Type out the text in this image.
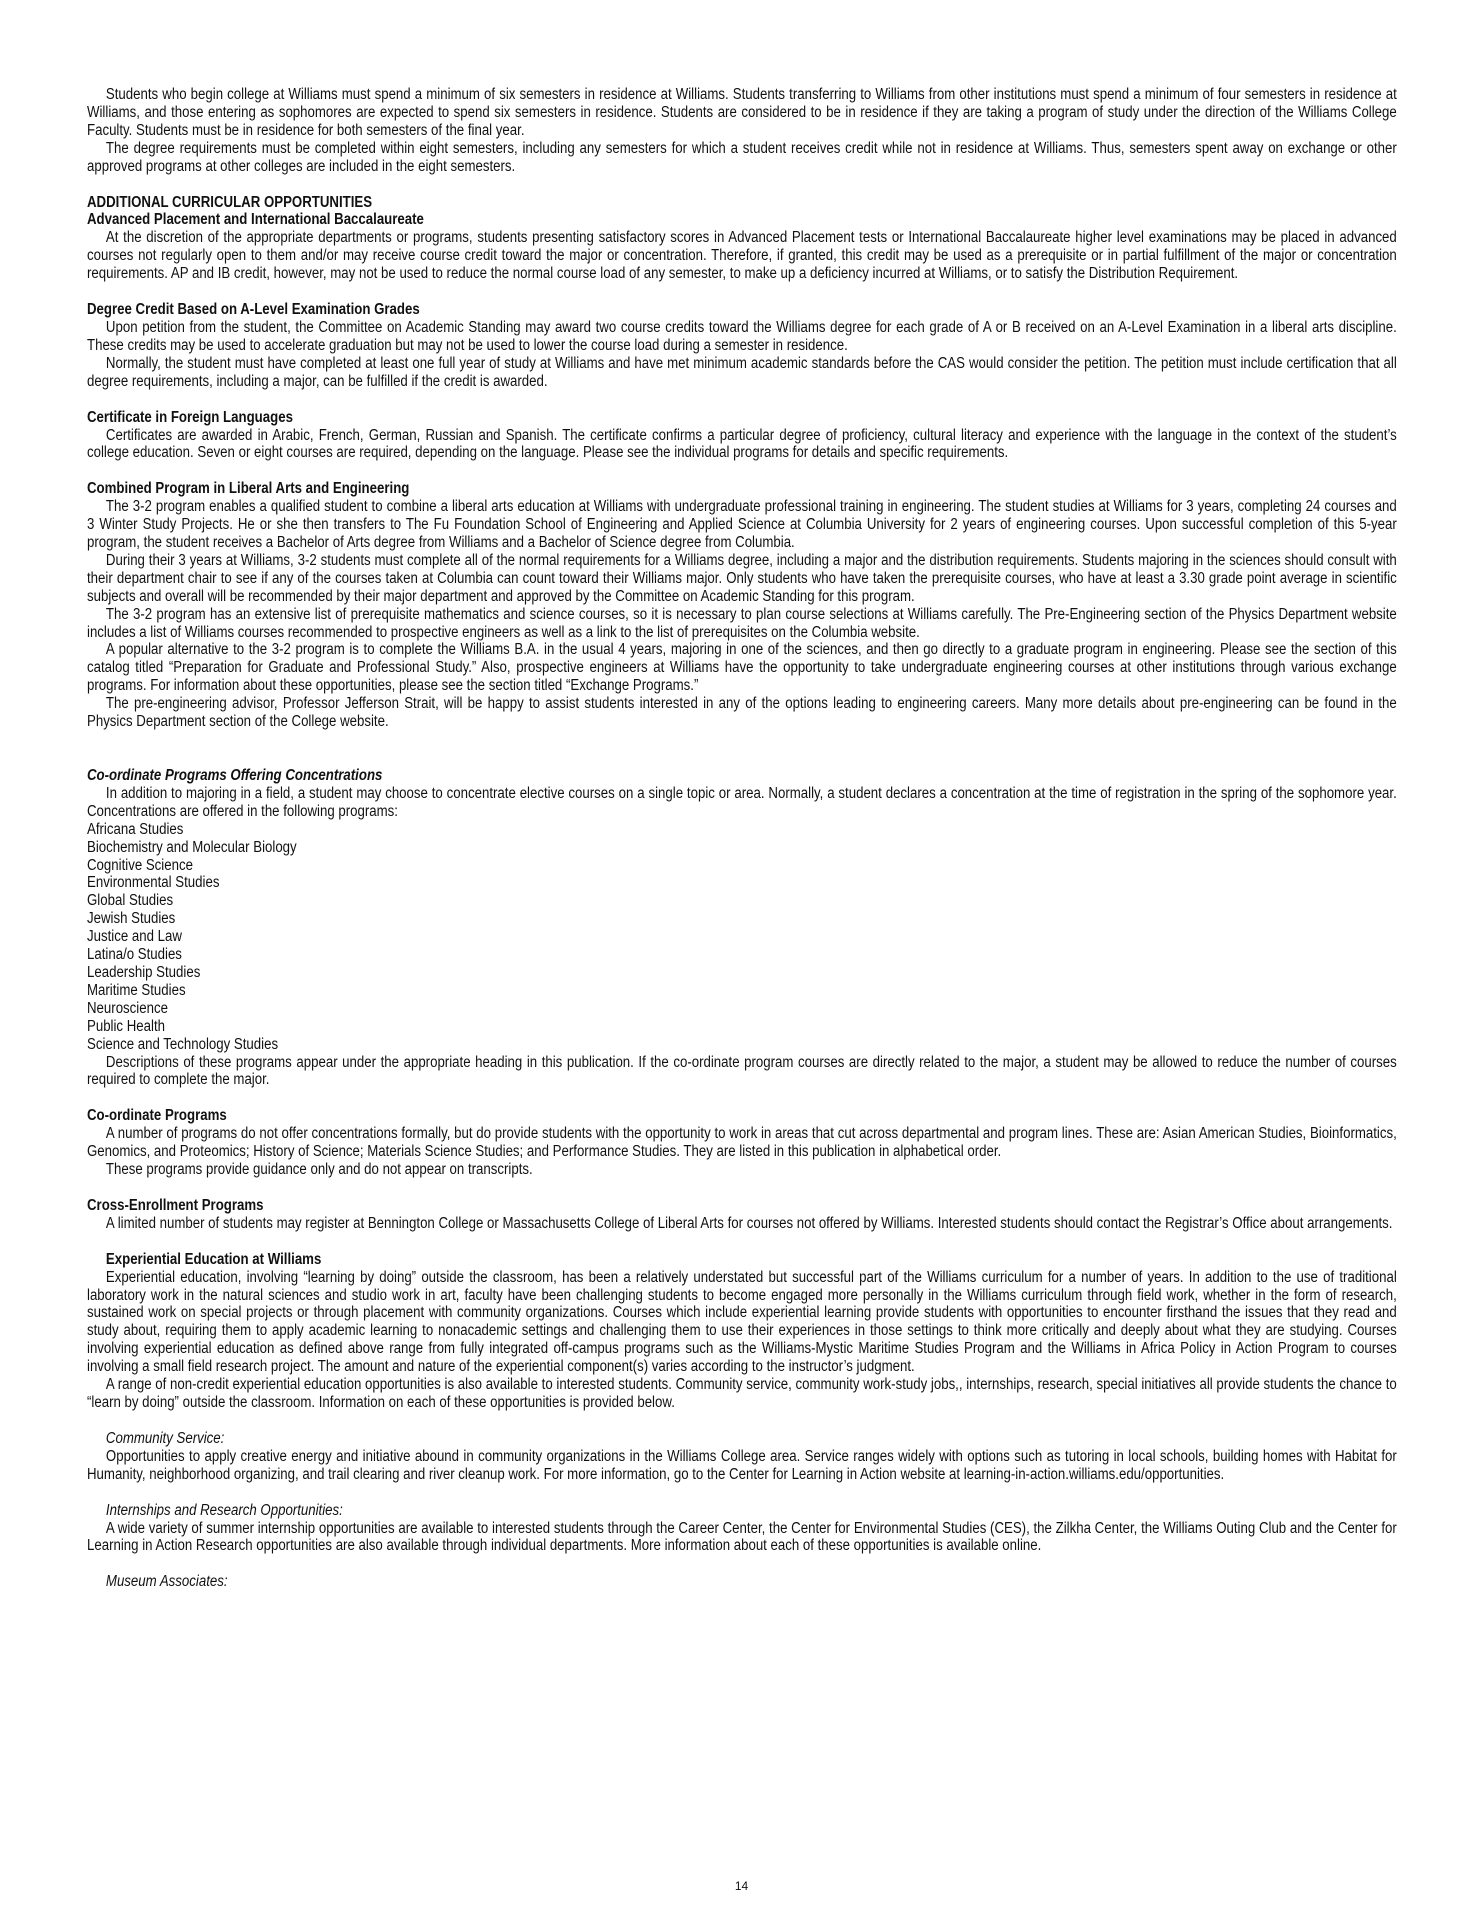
Students who begin college at Williams must spend a minimum of six semesters in residence at Williams. Students transferring to Williams from other institutions must spend a minimum of four semesters in residence at Williams, and those entering as sophomores are expected to spend six semesters in residence. Students are considered to be in residence if they are taking a program of study under the direction of the Williams College Faculty. Students must be in residence for both semesters of the final year.

The degree requirements must be completed within eight semesters, including any semesters for which a student receives credit while not in residence at Williams. Thus, semesters spent away on exchange or other approved programs at other colleges are included in the eight semesters.

ADDITIONAL CURRICULAR OPPORTUNITIES

Advanced Placement and International Baccalaureate

At the discretion of the appropriate departments or programs, students presenting satisfactory scores in Advanced Placement tests or International Baccalaureate higher level examinations may be placed in advanced courses not regularly open to them and/or may receive course credit toward the major or concentration. Therefore, if granted, this credit may be used as a prerequisite or in partial fulfillment of the major or concentration requirements. AP and IB credit, however, may not be used to reduce the normal course load of any semester, to make up a deficiency incurred at Williams, or to satisfy the Distribution Requirement.

Degree Credit Based on A-Level Examination Grades

Upon petition from the student, the Committee on Academic Standing may award two course credits toward the Williams degree for each grade of A or B received on an A-Level Examination in a liberal arts discipline. These credits may be used to accelerate graduation but may not be used to lower the course load during a semester in residence.

Normally, the student must have completed at least one full year of study at Williams and have met minimum academic standards before the CAS would consider the petition. The petition must include certification that all degree requirements, including a major, can be fulfilled if the credit is awarded.

Certificate in Foreign Languages

Certificates are awarded in Arabic, French, German, Russian and Spanish. The certificate confirms a particular degree of proficiency, cultural literacy and experience with the language in the context of the student’s college education. Seven or eight courses are required, depending on the language. Please see the individual programs for details and specific requirements.

Combined Program in Liberal Arts and Engineering

The 3-2 program enables a qualified student to combine a liberal arts education at Williams with undergraduate professional training in engineering. The student studies at Williams for 3 years, completing 24 courses and 3 Winter Study Projects. He or she then transfers to The Fu Foundation School of Engineering and Applied Science at Columbia University for 2 years of engineering courses. Upon successful completion of this 5-year program, the student receives a Bachelor of Arts degree from Williams and a Bachelor of Science degree from Columbia.

During their 3 years at Williams, 3-2 students must complete all of the normal requirements for a Williams degree, including a major and the distribution requirements. Students majoring in the sciences should consult with their department chair to see if any of the courses taken at Columbia can count toward their Williams major. Only students who have taken the prerequisite courses, who have at least a 3.30 grade point average in scientific subjects and overall will be recommended by their major department and approved by the Committee on Academic Standing for this program.

The 3-2 program has an extensive list of prerequisite mathematics and science courses, so it is necessary to plan course selections at Williams carefully. The Pre-Engineering section of the Physics Department website includes a list of Williams courses recommended to prospective engineers as well as a link to the list of prerequisites on the Columbia website.

A popular alternative to the 3-2 program is to complete the Williams B.A. in the usual 4 years, majoring in one of the sciences, and then go directly to a graduate program in engineering. Please see the section of this catalog titled “Preparation for Graduate and Professional Study.” Also, prospective engineers at Williams have the opportunity to take undergraduate engineering courses at other institutions through various exchange programs. For information about these opportunities, please see the section titled “Exchange Programs.”

The pre-engineering advisor, Professor Jefferson Strait, will be happy to assist students interested in any of the options leading to engineering careers. Many more details about pre-engineering can be found in the Physics Department section of the College website.

Co-ordinate Programs Offering Concentrations

In addition to majoring in a field, a student may choose to concentrate elective courses on a single topic or area. Normally, a student declares a concentration at the time of registration in the spring of the sophomore year. Concentrations are offered in the following programs:

Africana Studies
Biochemistry and Molecular Biology
Cognitive Science
Environmental Studies
Global Studies
Jewish Studies
Justice and Law
Latina/o Studies
Leadership Studies
Maritime Studies
Neuroscience
Public Health
Science and Technology Studies

Descriptions of these programs appear under the appropriate heading in this publication. If the co-ordinate program courses are directly related to the major, a student may be allowed to reduce the number of courses required to complete the major.

Co-ordinate Programs

A number of programs do not offer concentrations formally, but do provide students with the opportunity to work in areas that cut across departmental and program lines. These are: Asian American Studies, Bioinformatics, Genomics, and Proteomics; History of Science; Materials Science Studies; and Performance Studies. They are listed in this publication in alphabetical order.

These programs provide guidance only and do not appear on transcripts.

Cross-Enrollment Programs

A limited number of students may register at Bennington College or Massachusetts College of Liberal Arts for courses not offered by Williams. Interested students should contact the Registrar’s Office about arrangements.

Experiential Education at Williams

Experiential education, involving “learning by doing” outside the classroom, has been a relatively understated but successful part of the Williams curriculum for a number of years. In addition to the use of traditional laboratory work in the natural sciences and studio work in art, faculty have been challenging students to become engaged more personally in the Williams curriculum through field work, whether in the form of research, sustained work on special projects or through placement with community organizations. Courses which include experiential learning provide students with opportunities to encounter firsthand the issues that they read and study about, requiring them to apply academic learning to nonacademic settings and challenging them to use their experiences in those settings to think more critically and deeply about what they are studying. Courses involving experiential education as defined above range from fully integrated off-campus programs such as the Williams-Mystic Maritime Studies Program and the Williams in Africa Policy in Action Program to courses involving a small field research project. The amount and nature of the experiential component(s) varies according to the instructor’s judgment.

A range of non-credit experiential education opportunities is also available to interested students. Community service, community work-study jobs,, internships, research, special initiatives all provide students the chance to “learn by doing” outside the classroom. Information on each of these opportunities is provided below.

Community Service:

Opportunities to apply creative energy and initiative abound in community organizations in the Williams College area. Service ranges widely with options such as tutoring in local schools, building homes with Habitat for Humanity, neighborhood organizing, and trail clearing and river cleanup work. For more information, go to the Center for Learning in Action website at learning-in-action.williams.edu/opportunities.

Internships and Research Opportunities:

A wide variety of summer internship opportunities are available to interested students through the Career Center, the Center for Environmental Studies (CES), the Zilkha Center, the Williams Outing Club and the Center for Learning in Action Research opportunities are also available through individual departments. More information about each of these opportunities is available online.

Museum Associates:

14
